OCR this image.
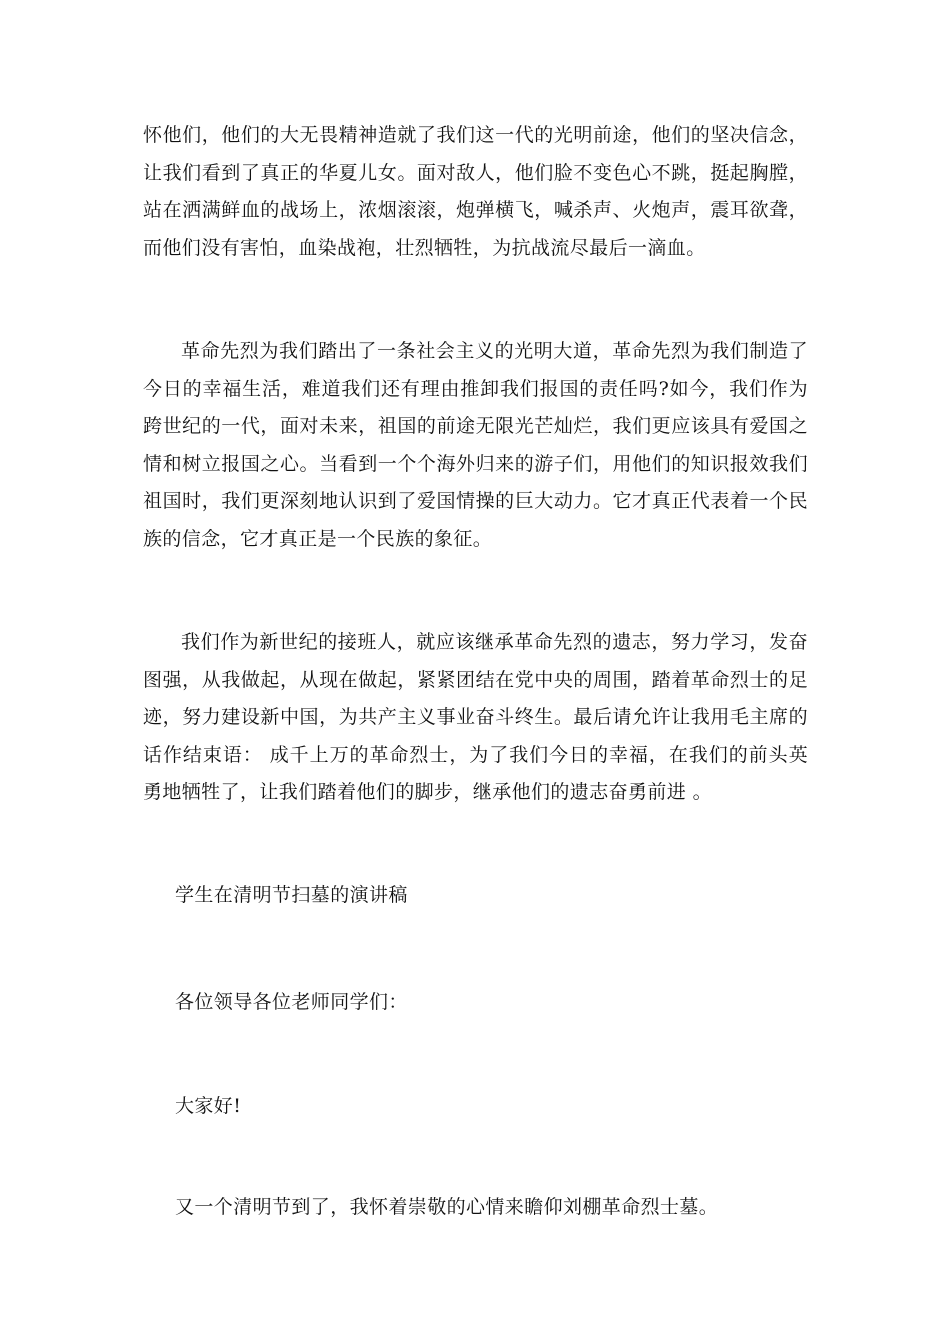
怀他们，他们的大无畏精神造就了我们这一代的光明前途，他们的坚决信念，让我们看到了真正的华夏儿女。面对敌人，他们脸不变色心不跳，挺起胸膛，站在洒满鲜血的战场上，浓烟滚滚，炮弹横飞，喊杀声、火炮声，震耳欲聋，而他们没有害怕，血染战袍，壮烈牺牲，为抗战流尽最后一滴血。

革命先烈为我们踏出了一条社会主义的光明大道，革命先烈为我们制造了今日的幸福生活，难道我们还有理由推卸我们报国的责任吗?如今，我们作为跨世纪的一代，面对未来，祖国的前途无限光芒灿烂，我们更应该具有爱国之情和树立报国之心。当看到一个个海外归来的游子们，用他们的知识报效我们祖国时，我们更深刻地认识到了爱国情操的巨大动力。它才真正代表着一个民族的信念，它才真正是一个民族的象征。

我们作为新世纪的接班人，就应该继承革命先烈的遗志，努力学习，发奋图强，从我做起，从现在做起，紧紧团结在党中央的周围，踏着革命烈士的足迹，努力建设新中国，为共产主义事业奋斗终生。最后请允许让我用毛主席的话作结束语： 成千上万的革命烈士，为了我们今日的幸福，在我们的前头英勇地牺牲了，让我们踏着他们的脚步，继承他们的遗志奋勇前进 。

学生在清明节扫墓的演讲稿

各位领导各位老师同学们：

大家好!

又一个清明节到了，我怀着崇敬的心情来瞻仰刘棚革命烈士墓。
